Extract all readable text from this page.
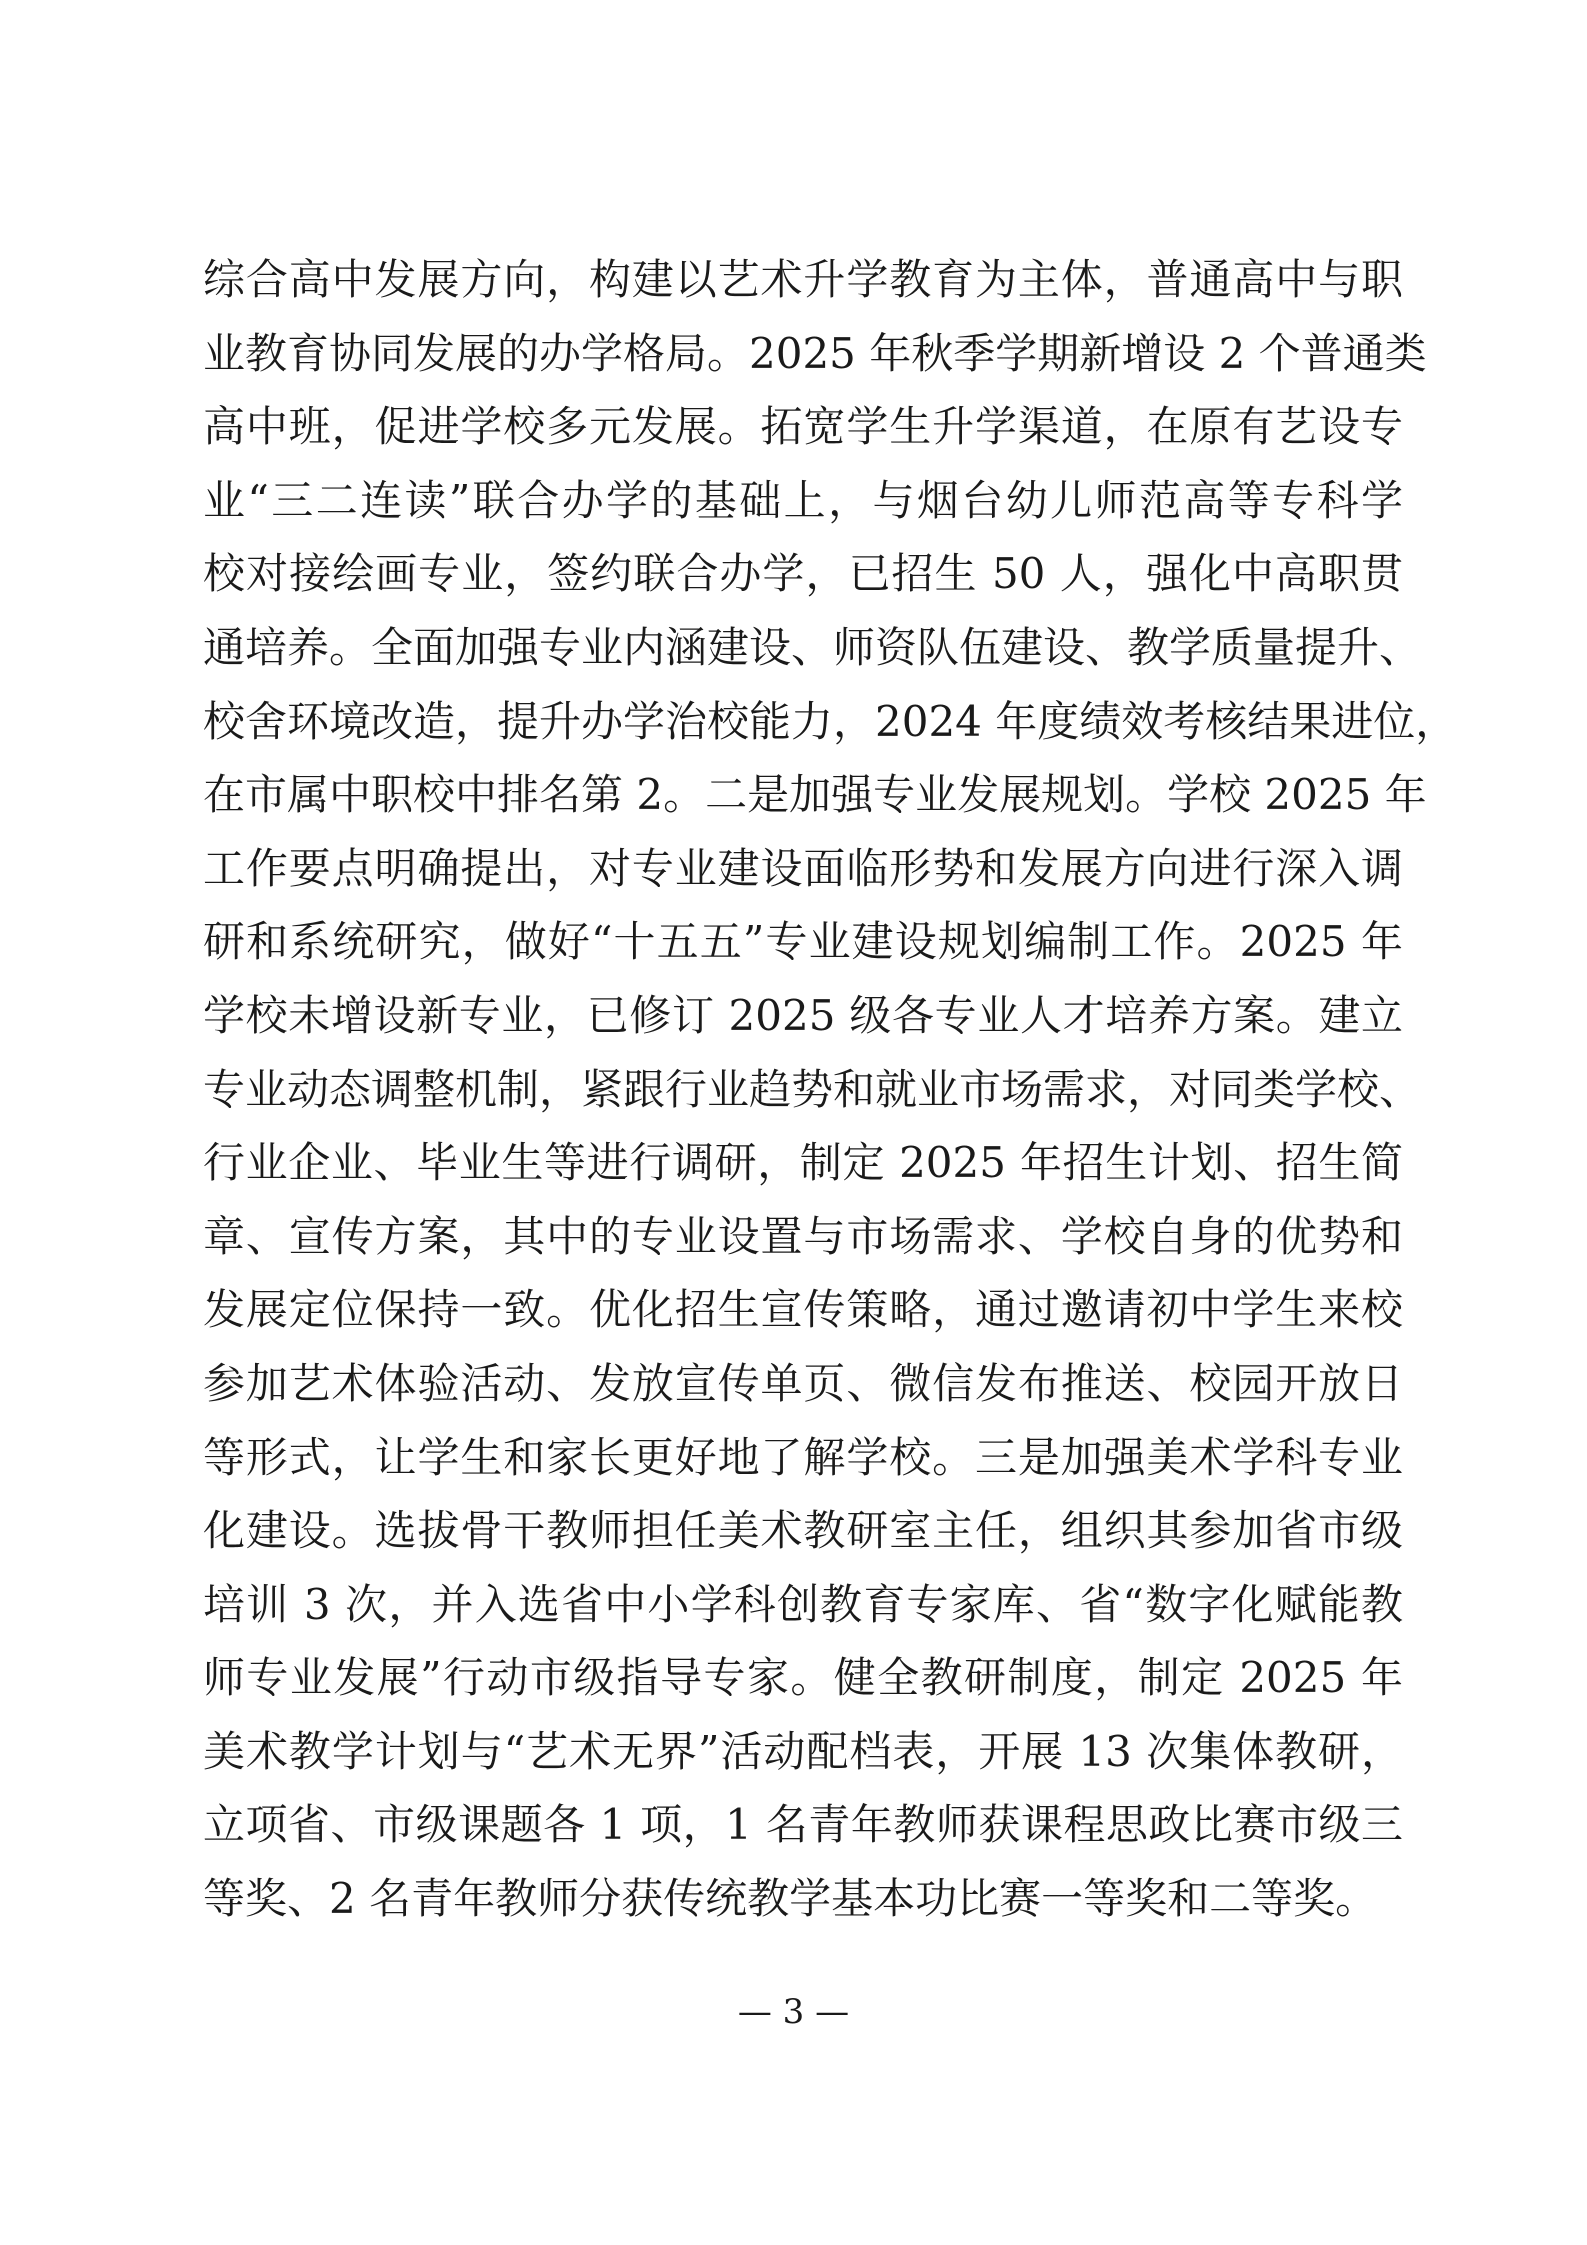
综合高中发展方向，构建以艺术升学教育为主体，普通高中与职
业教育协同发展的办学格局。2025 年秋季学期新增设 2 个普通类
高中班，促进学校多元发展。拓宽学生升学渠道，在原有艺设专
业“三二连读”联合办学的基础上，与烟台幼儿师范高等专科学
校对接绘画专业，签约联合办学，已招生 50 人，强化中高职贯
通培养。全面加强专业内涵建设、师资队伍建设、教学质量提升、
校舍环境改造，提升办学治校能力，2024 年度绩效考核结果进位，
在市属中职校中排名第 2。二是加强专业发展规划。学校 2025 年
工作要点明确提出，对专业建设面临形势和发展方向进行深入调
研和系统研究，做好“十五五”专业建设规划编制工作。2025 年
学校未增设新专业，已修订 2025 级各专业人才培养方案。建立
专业动态调整机制，紧跟行业趋势和就业市场需求，对同类学校、
行业企业、毕业生等进行调研，制定 2025 年招生计划、招生简
章、宣传方案，其中的专业设置与市场需求、学校自身的优势和
发展定位保持一致。优化招生宣传策略，通过邀请初中学生来校
参加艺术体验活动、发放宣传单页、微信发布推送、校园开放日
等形式，让学生和家长更好地了解学校。三是加强美术学科专业
化建设。选拔骨干教师担任美术教研室主任，组织其参加省市级
培训 3 次，并入选省中小学科创教育专家库、省“数字化赋能教
师专业发展”行动市级指导专家。健全教研制度，制定 2025 年
美术教学计划与“艺术无界”活动配档表，开展 13 次集体教研，
立项省、市级课题各 1 项，1 名青年教师获课程思政比赛市级三
等奖、2 名青年教师分获传统教学基本功比赛一等奖和二等奖。
— 3 —
